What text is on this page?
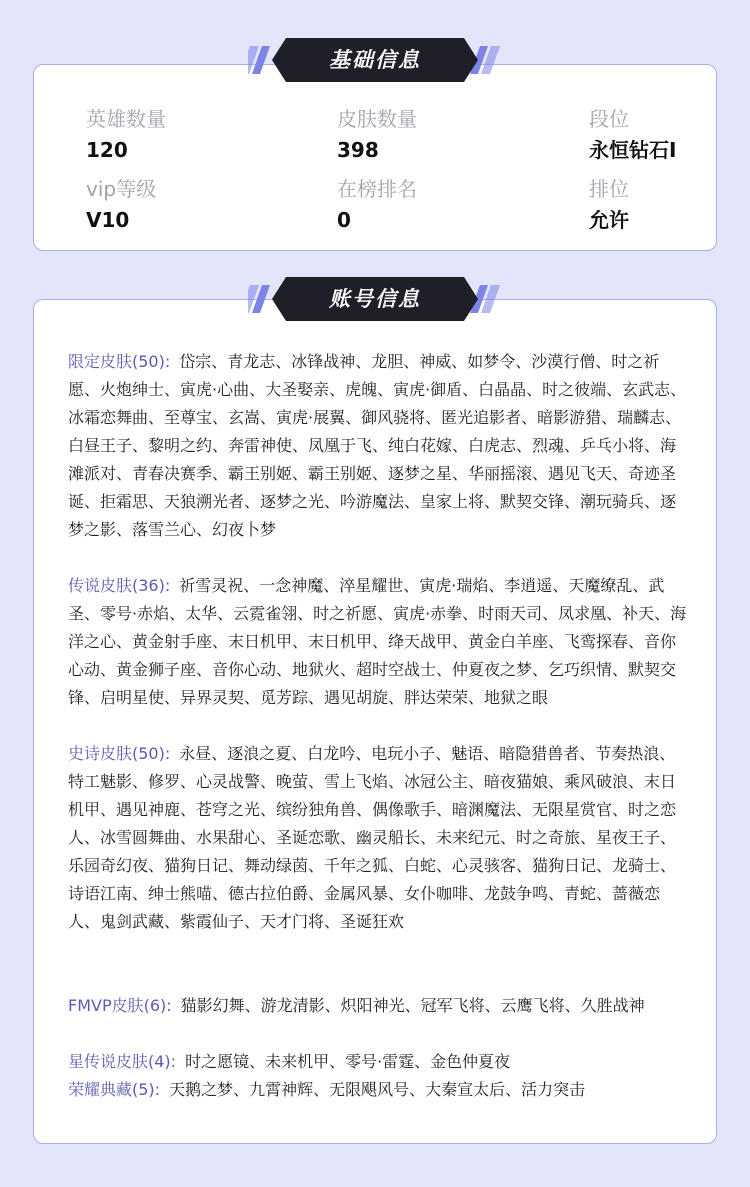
英雄数量
120
皮肤数量
398
段位
永恒钻石I
vip等级
V10
在榜排名
0
排位
允许
基础信息
限定皮肤(50): 岱宗、青龙志、冰锋战神、龙胆、神威、如梦令、沙漠行僧、时之祈愿、火炮绅士、寅虎·心曲、大圣娶亲、虎魄、寅虎·御盾、白晶晶、时之彼端、玄武志、冰霜恋舞曲、至尊宝、玄嵩、寅虎·展翼、御风骁将、匿光追影者、暗影游猎、瑞麟志、白昼王子、黎明之约、奔雷神使、凤凰于飞、纯白花嫁、白虎志、烈魂、乒乓小将、海滩派对、青春决赛季、霸王别姬、霸王别姬、逐梦之星、华丽摇滚、遇见飞天、奇迹圣诞、拒霜思、天狼溯光者、逐梦之光、吟游魔法、皇家上将、默契交锋、潮玩骑兵、逐梦之影、落雪兰心、幻夜卜梦
传说皮肤(36): 祈雪灵祝、一念神魔、淬星耀世、寅虎·瑞焰、李逍遥、天魔缭乱、武圣、零号·赤焰、太华、云霓雀翎、时之祈愿、寅虎·赤拳、时雨天司、凤求凰、补天、海洋之心、黄金射手座、末日机甲、末日机甲、绛天战甲、黄金白羊座、飞鸾探春、音你心动、黄金狮子座、音你心动、地狱火、超时空战士、仲夏夜之梦、乞巧织情、默契交锋、启明星使、异界灵契、觅芳踪、遇见胡旋、胖达荣荣、地狱之眼
史诗皮肤(50): 永昼、逐浪之夏、白龙吟、电玩小子、魅语、暗隐猎兽者、节奏热浪、特工魅影、修罗、心灵战警、晚萤、雪上飞焰、冰冠公主、暗夜猫娘、乘风破浪、末日机甲、遇见神鹿、苍穹之光、缤纷独角兽、偶像歌手、暗渊魔法、无限星赏官、时之恋人、冰雪圆舞曲、水果甜心、圣诞恋歌、幽灵船长、未来纪元、时之奇旅、星夜王子、乐园奇幻夜、猫狗日记、舞动绿茵、千年之狐、白蛇、心灵骇客、猫狗日记、龙骑士、诗语江南、绅士熊喵、德古拉伯爵、金属风暴、女仆咖啡、龙鼓争鸣、青蛇、蔷薇恋人、鬼剑武藏、紫霞仙子、天才门将、圣诞狂欢
FMVP皮肤(6): 猫影幻舞、游龙清影、炽阳神光、冠军飞将、云鹰飞将、久胜战神
星传说皮肤(4): 时之愿镜、未来机甲、零号·雷霆、金色仲夏夜
荣耀典藏(5): 天鹅之梦、九霄神辉、无限飓风号、大秦宣太后、活力突击
账号信息
